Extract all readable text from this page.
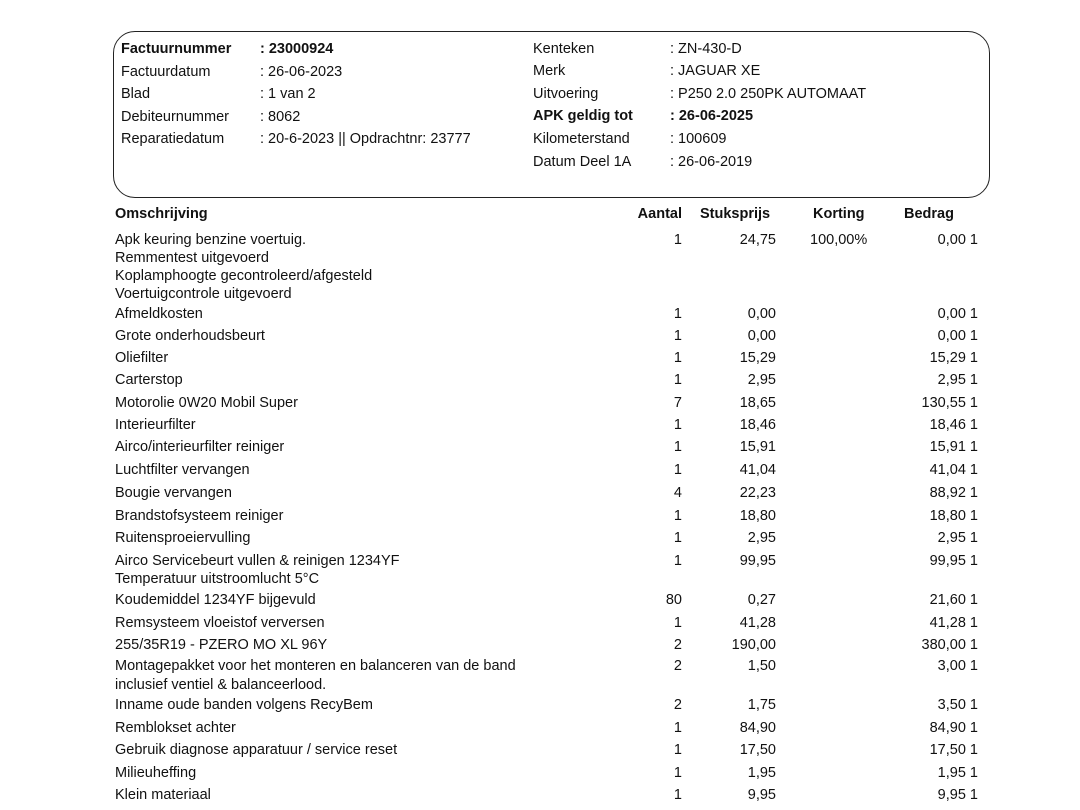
Factuurnummer : 23000924
Factuurdatum	: 26-06-2023
Blad	: 1 van 2
Debiteurnummer : 8062
Reparatiedatum : 20-6-2023 || Opdrachtnr: 23777
Kenteken	: ZN-430-D
Merk	: JAGUAR XE
Uitvoering	: P250 2.0 250PK AUTOMAAT
APK geldig tot	: 26-06-2025
Kilometerstand	: 100609
Datum Deel 1A	: 26-06-2019
Omschrijving	Aantal Stuksprijs	Korting	Bedrag
Apk keuring benzine voertuig.	1	24,75 100,00%	0,00 1
Remmentest uitgevoerd
Koplamphoogte gecontroleerd/afgesteld
Voertuigcontrole uitgevoerd
Afmeldkosten	1	0,00	0,00 1
Grote onderhoudsbeurt	1	0,00	0,00 1
Oliefilter	1	15,29	15,29 1
Carterstop	1	2,95	2,95 1
Motorolie 0W20 Mobil Super	7	18,65	130,55 1
Interieurfilter	1	18,46	18,46 1
Airco/interieurfilter reiniger	1	15,91	15,91 1
Luchtfilter vervangen	1	41,04	41,04 1
Bougie vervangen	4	22,23	88,92 1
Brandstofsysteem reiniger	1	18,80	18,80 1
Ruitensproeiervulling	1	2,95	2,95 1
Airco Servicebeurt vullen & reinigen 1234YF	1	99,95	99,95 1
Temperatuur uitstroomlucht 5°C
Koudemiddel 1234YF bijgevuld	80	0,27	21,60 1
Remsysteem vloeistof verversen	1	41,28	41,28 1
255/35R19 - PZERO MO XL 96Y	2	190,00	380,00 1
Montagepakket voor het monteren en balanceren van de band	2	1,50	3,00 1
inclusief ventiel & balanceerlood.
Inname oude banden volgens RecyBem	2	1,75	3,50 1
Remblokset achter	1	84,90	84,90 1
Gebruik diagnose apparatuur / service reset	1	17,50	17,50 1
Milieuheffing	1	1,95	1,95 1
Klein materiaal	1	9,95	9,95 1
